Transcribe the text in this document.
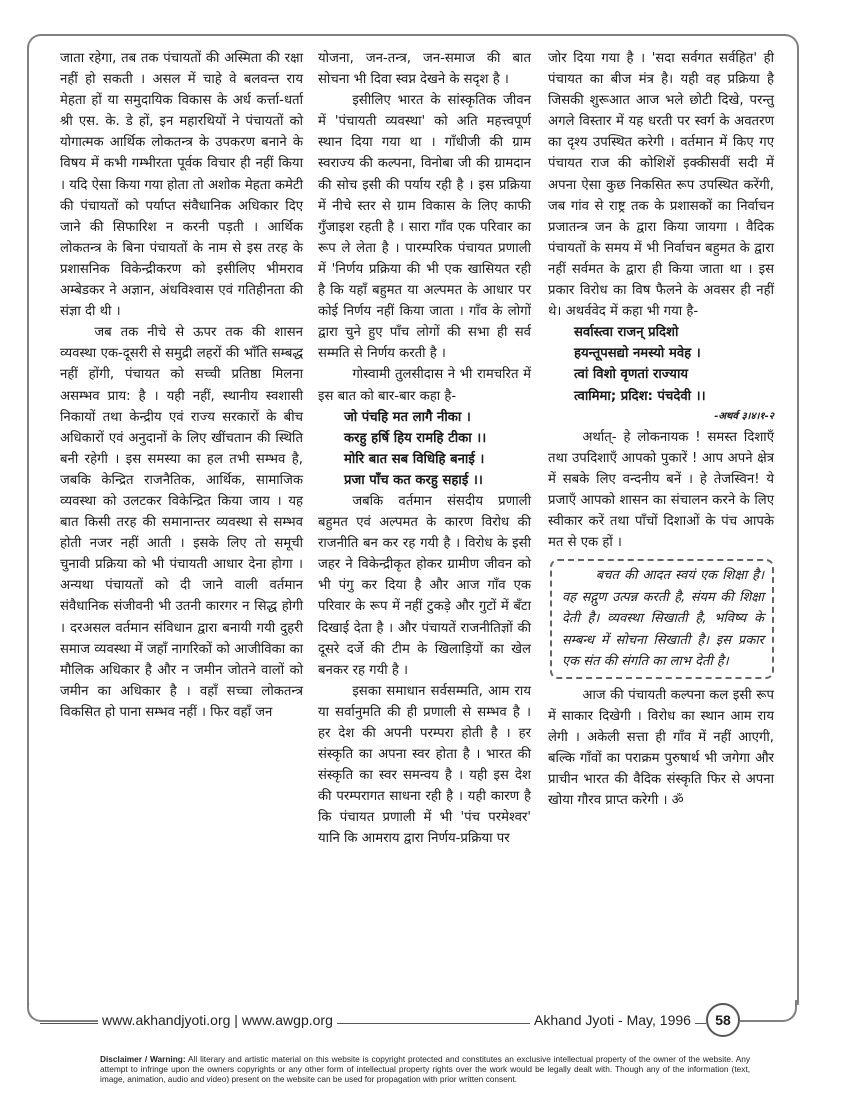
जाता रहेगा, तब तक पंचायतों की अस्मिता की रक्षा नहीं हो सकती । असल में चाहे वे बलवन्त राय मेहता हों या समुदायिक विकास के अर्ध कर्त्ता-धर्ता श्री एस. के. डे हों, इन महारथियों ने पंचायतों को योगात्मक आर्थिक लोकतन्त्र के उपकरण बनाने के विषय में कभी गम्भीरता पूर्वक विचार ही नहीं किया । यदि ऐसा किया गया होता तो अशोक मेहता कमेटी की पंचायतों को पर्याप्त संवैधानिक अधिकार दिए जाने की सिफारिश न करनी पड़ती । आर्थिक लोकतन्त्र के बिना पंचायतों के नाम से इस तरह के प्रशासनिक विकेन्द्रीकरण को इसीलिए भीमराव अम्बेडकर ने अज्ञान, अंधविश्वास एवं गतिहीनता की संज्ञा दी थी ।

जब तक नीचे से ऊपर तक की शासन व्यवस्था एक-दूसरी से समुद्री लहरों की भाँति सम्बद्ध नहीं होंगी, पंचायत को सच्ची प्रतिष्ठा मिलना असम्भव प्राय: है । यही नहीं, स्थानीय स्वशासी निकायों तथा केन्द्रीय एवं राज्य सरकारों के बीच अधिकारों एवं अनुदानों के लिए खींचतान की स्थिति बनी रहेगी । इस समस्या का हल तभी सम्भव है, जबकि केन्द्रित राजनैतिक, आर्थिक, सामाजिक व्यवस्था को उलटकर विकेन्द्रित किया जाय । यह बात किसी तरह की समानान्तर व्यवस्था से सम्भव होती नजर नहीं आती । इसके लिए तो समूची चुनावी प्रक्रिया को भी पंचायती आधार देना होगा । अन्यथा पंचायतों को दी जाने वाली वर्तमान संवैधानिक संजीवनी भी उतनी कारगर न सिद्ध होगी । दरअसल वर्तमान संविधान द्वारा बनायी गयी दुहरी समाज व्यवस्था में जहाँ नागरिकों को आजीविका का मौलिक अधिकार है और न जमीन जोतने वालों को जमीन का अधिकार है । वहाँ सच्चा लोकतन्त्र विकसित हो पाना सम्भव नहीं । फिर वहाँ जन

योजना, जन-तन्त्र, जन-समाज की बात सोचना भी दिवा स्वप्न देखने के सदृश है ।

इसीलिए भारत के सांस्कृतिक जीवन में 'पंचायती व्यवस्था' को अति महत्त्वपूर्ण स्थान दिया गया था । गाँधीजी की ग्राम स्वराज्य की कल्पना, विनोबा जी की ग्रामदान की सोच इसी की पर्याय रही है । इस प्रक्रिया में नीचे स्तर से ग्राम विकास के लिए काफी गुँजाइश रहती है । सारा गाँव एक परिवार का रूप ले लेता है । पारम्परिक पंचायत प्रणाली में 'निर्णय प्रक्रिया की भी एक खासियत रही है कि यहाँ बहुमत या अल्पमत के आधार पर कोई निर्णय नहीं किया जाता । गाँव के लोगों द्वारा चुने हुए पाँच लोगों की सभा ही सर्व सम्मति से निर्णय करती है ।

गोस्वामी तुलसीदास ने भी रामचरित में इस बात को बार-बार कहा है-

जो पंचहि मत लागै नीका ।

करहु हर्षि हिय रामहि टीका ।।

मोरि बात सब विधिहि बनाई ।

प्रजा पाँच कत करहु सहाई ।।

जबकि वर्तमान संसदीय प्रणाली बहुमत एवं अल्पमत के कारण विरोध की राजनीति बन कर रह गयी है । विरोध के इसी जहर ने विकेन्द्रीकृत होकर ग्रामीण जीवन को भी पंगु कर दिया है और आज गाँव एक परिवार के रूप में नहीं टुकड़े और गुटों में बँटा दिखाई देता है । और पंचायतें राजनीतिज्ञों की दूसरे दर्जे की टीम के खिलाड़ियों का खेल बनकर रह गयी है ।

इसका समाधान सर्वसम्मति, आम राय या सर्वानुमति की ही प्रणाली से सम्भव है । हर देश की अपनी परम्परा होती है । हर संस्कृति का अपना स्वर होता है । भारत की संस्कृति का स्वर समन्वय है । यही इस देश की परम्परागत साधना रही है । यही कारण है कि पंचायत प्रणाली में भी 'पंच परमेश्वर' यानि कि आमराय द्वारा निर्णय-प्रक्रिया पर

जोर दिया गया है । 'सदा सर्वगत सर्वहित' ही पंचायत का बीज मंत्र है। यही वह प्रक्रिया है जिसकी शुरूआत आज भले छोटी दिखे, परन्तु अगले विस्तार में यह धरती पर स्वर्ग के अवतरण का दृश्य उपस्थित करेगी । वर्तमान में किए गए पंचायत राज की कोशिशें इक्कीसवीं सदी में अपना ऐसा कुछ निकसित रूप उपस्थित करेंगी, जब गांव से राष्ट्र तक के प्रशासकों का निर्वाचन प्रजातन्त्र जन के द्वारा किया जायगा । वैदिक पंचायतों के समय में भी निर्वाचन बहुमत के द्वारा नहीं सर्वमत के द्वारा ही किया जाता था । इस प्रकार विरोध का विष फैलने के अवसर ही नहीं थे। अथर्ववेद में कहा भी गया है-

सर्वास्त्वा राजन् प्रदिशो

हयन्तूपसद्यो नमस्यो मवेह ।

त्वां विशो वृणतां राज्याय

त्वामिमा; प्रदिश: पंचदेवी ।।

-अथर्व ३।४।१-२

अर्थात्- हे लोकनायक ! समस्त दिशाएँ तथा उपदिशाएँ आपको पुकारें ! आप अपने क्षेत्र में सबके लिए वन्दनीय बनें । हे तेजस्विन! ये प्रजाएँ आपको शासन का संचालन करने के लिए स्वीकार करें तथा पाँचों दिशाओं के पंच आपके मत से एक हों ।

बचत की आदत स्वयं एक शिक्षा है। वह सद्गुण उत्पन्न करती है, संयम की शिक्षा देती है। व्यवस्था सिखाती है, भविष्य के सम्बन्ध में सोचना सिखाती है। इस प्रकार एक संत की संगति का लाभ देती है।

आज की पंचायती कल्पना कल इसी रूप में साकार दिखेगी । विरोध का स्थान आम राय लेगी । अकेली सत्ता ही गाँव में नहीं आएगी, बल्कि गाँवों का पराक्रम पुरुषार्थ भी जगेगा और प्राचीन भारत की वैदिक संस्कृति फिर से अपना खोया गौरव प्राप्त करेगी । ॐ

www.akhandjyoti.org | www.awgp.org	Akhand Jyoti - May, 1996	58
Disclaimer / Warning: All literary and artistic material on this website is copyright protected and constitutes an exclusive intellectual property of the owner of the website. Any attempt to infringe upon the owners copyrights or any other form of intellectual property rights over the work would be legally dealt with. Though any of the information (text, image, animation, audio and video) present on the website can be used for propagation with prior written consent.
